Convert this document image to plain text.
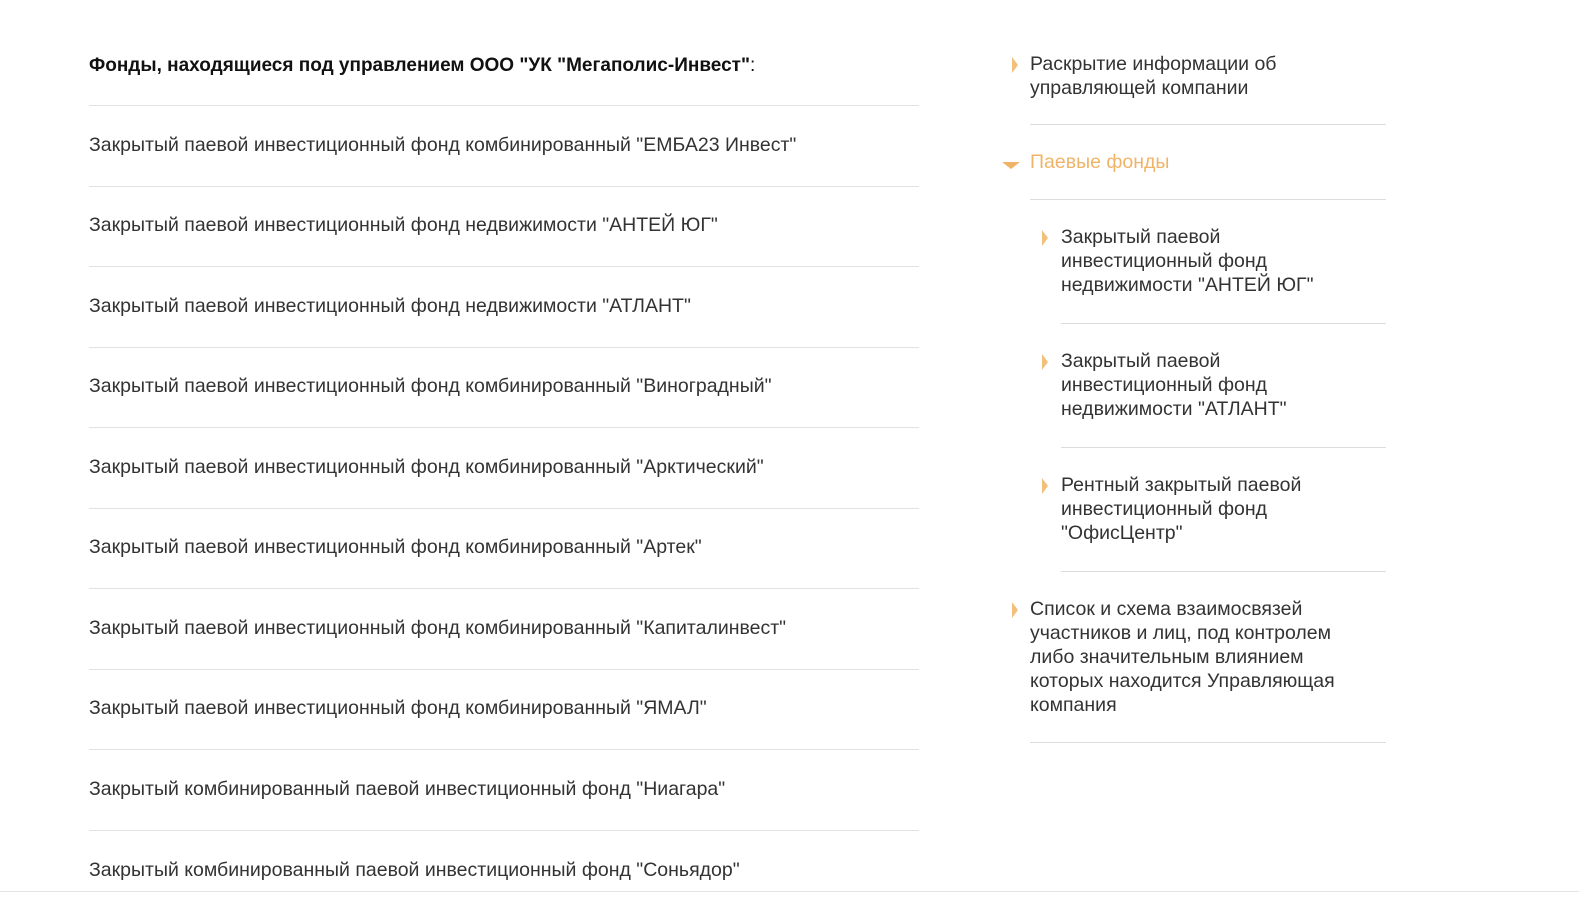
Фонды, находящиеся под управлением ООО "УК "Мегаполис-Инвест":
Закрытый паевой инвестиционный фонд комбинированный "ЕМБА23 Инвест"
Закрытый паевой инвестиционный фонд недвижимости "АНТЕЙ ЮГ"
Закрытый паевой инвестиционный фонд недвижимости "АТЛАНТ"
Закрытый паевой инвестиционный фонд комбинированный "Виноградный"
Закрытый паевой инвестиционный фонд комбинированный "Арктический"
Закрытый паевой инвестиционный фонд комбинированный "Артек"
Закрытый паевой инвестиционный фонд комбинированный "Капиталинвест"
Закрытый паевой инвестиционный фонд комбинированный "ЯМАЛ"
Закрытый комбинированный паевой инвестиционный фонд "Ниагара"
Закрытый комбинированный паевой инвестиционный фонд "Соньядор"
Раскрытие информации об управляющей компании
Паевые фонды
Закрытый паевой инвестиционный фонд недвижимости "АНТЕЙ ЮГ"
Закрытый паевой инвестиционный фонд недвижимости "АТЛАНТ"
Рентный закрытый паевой инвестиционный фонд "ОфисЦентр"
Список и схема взаимосвязей участников и лиц, под контролем либо значительным влиянием которых находится Управляющая компания
